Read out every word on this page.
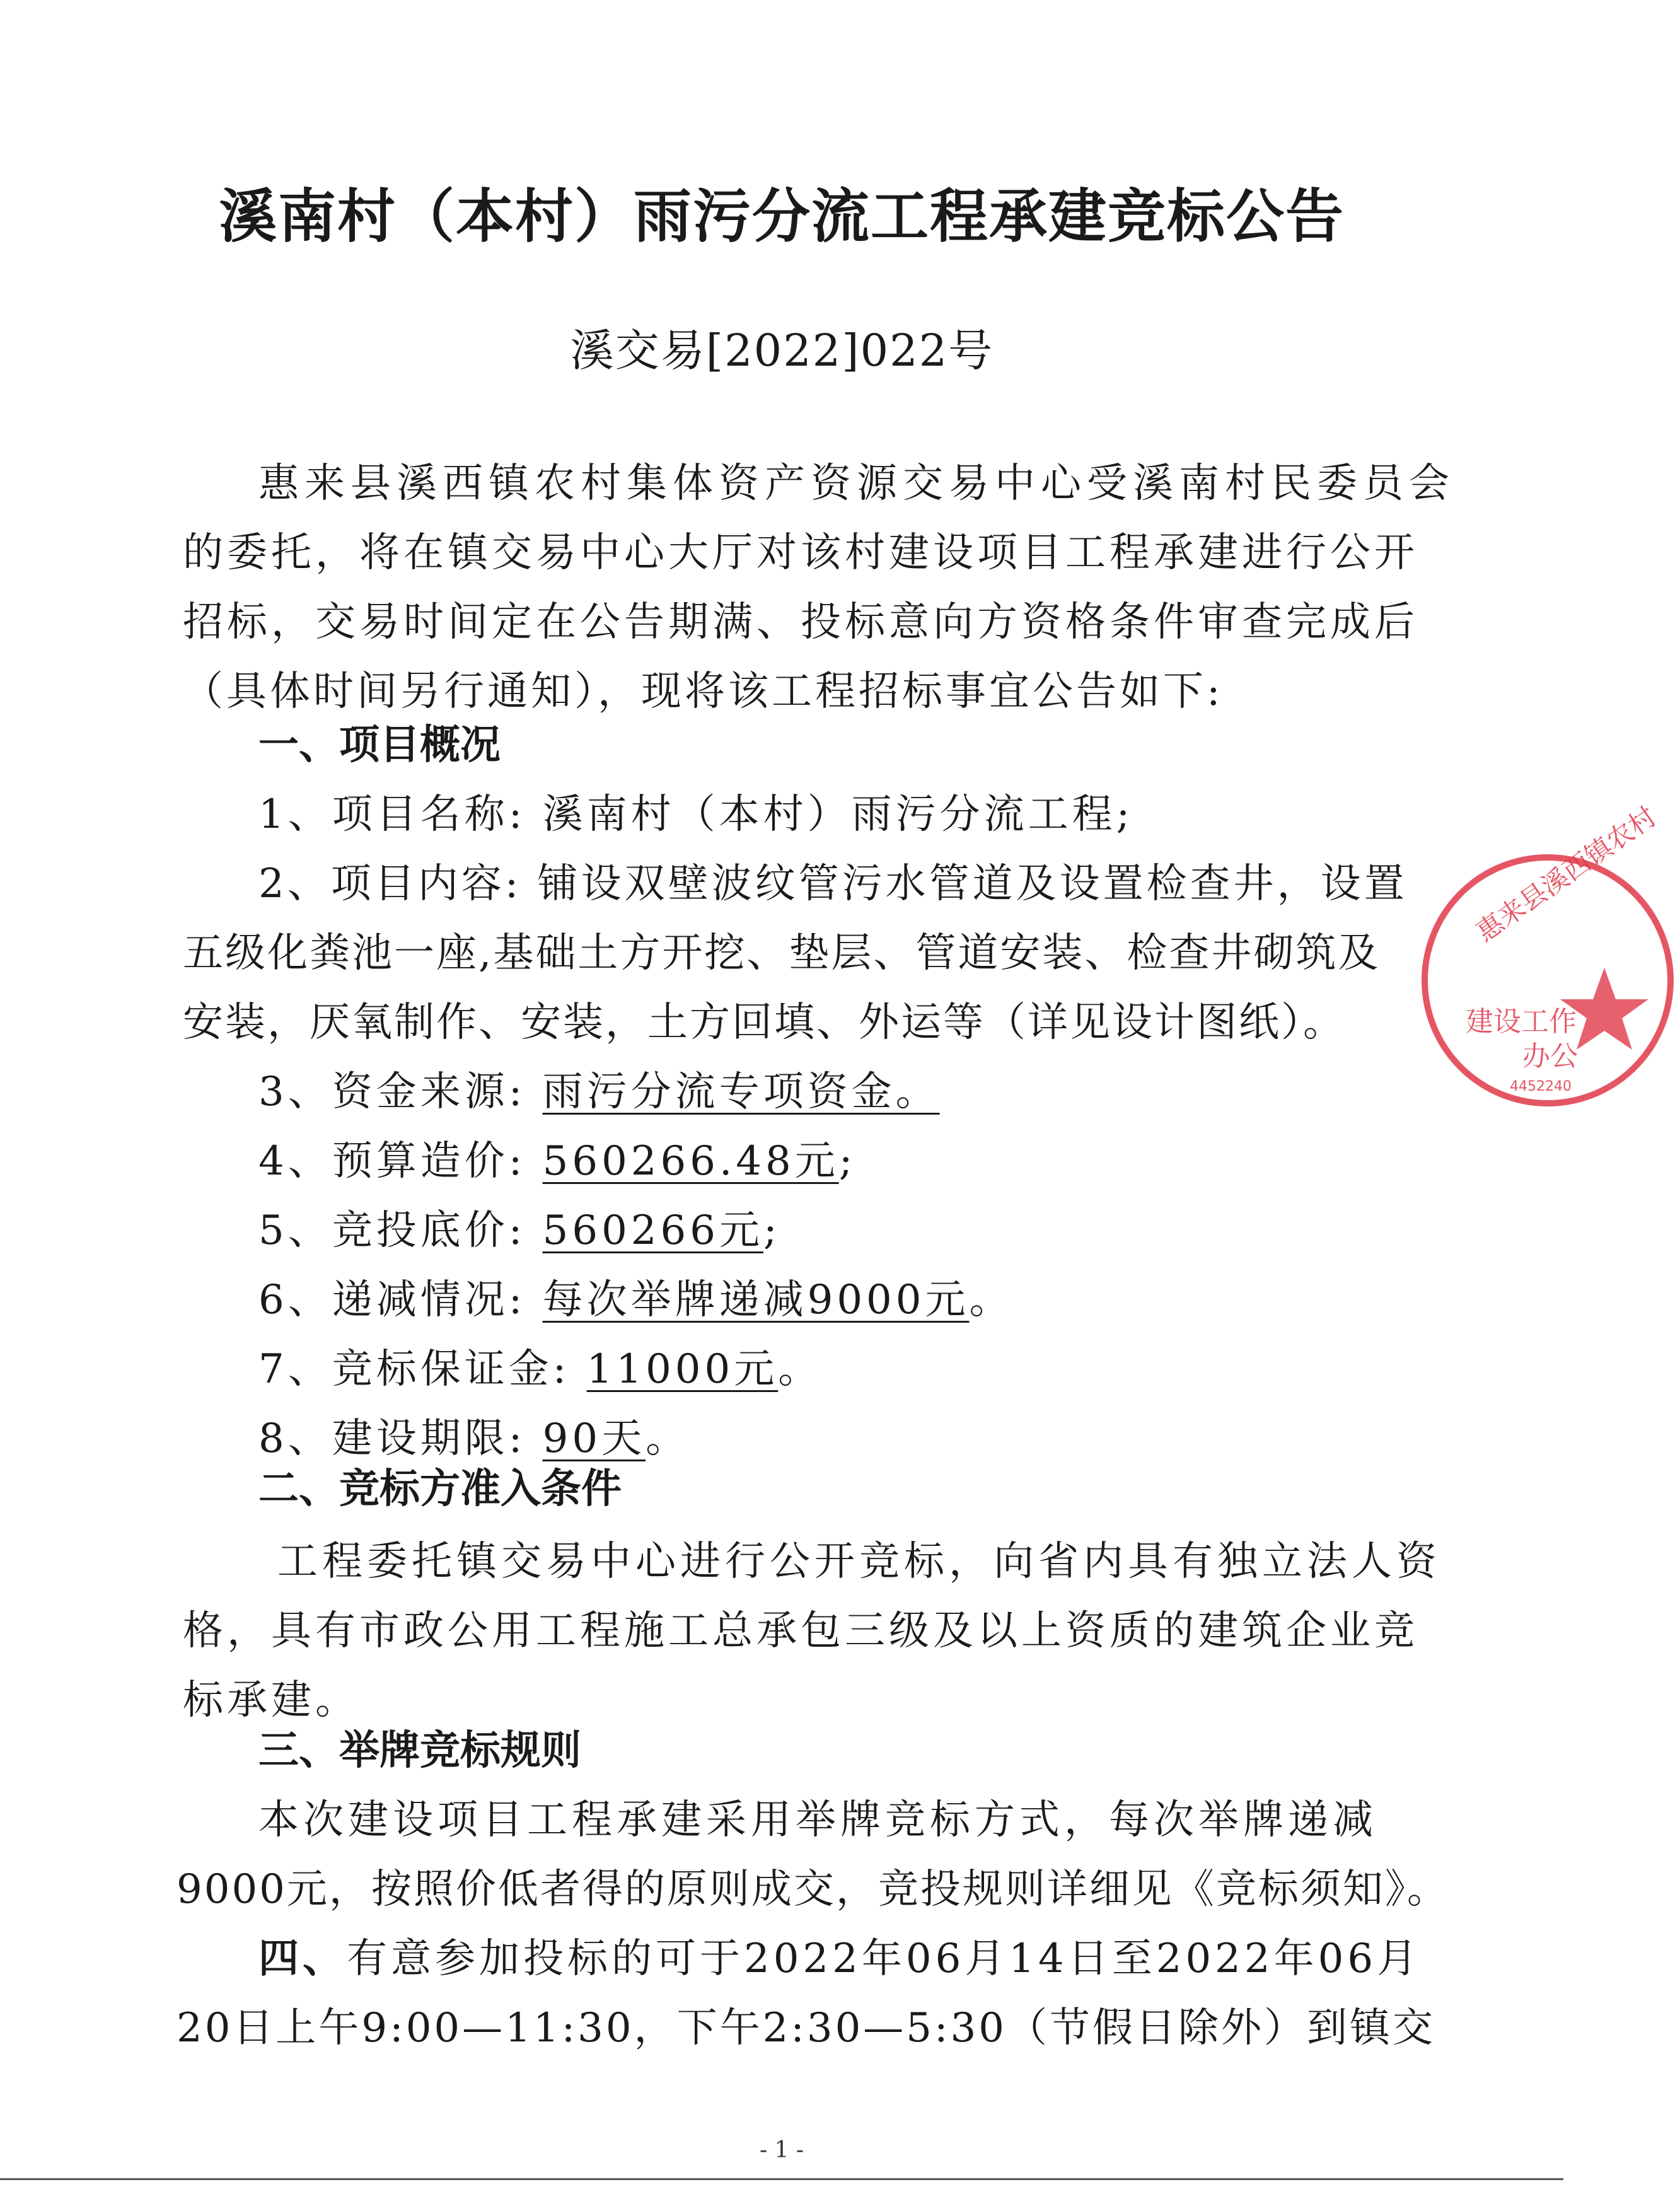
溪南村（本村）雨污分流工程承建竞标公告
溪交易[2022]022号
惠来县溪西镇农村集体资产资源交易中心受溪南村民委员会
的委托，将在镇交易中心大厅对该村建设项目工程承建进行公开
招标，交易时间定在公告期满、投标意向方资格条件审查完成后
（具体时间另行通知），现将该工程招标事宜公告如下:
一、项目概况
1、项目名称: 溪南村（本村）雨污分流工程;
2、项目内容: 铺设双壁波纹管污水管道及设置检查井，设置
五级化粪池一座,基础土方开挖、垫层、管道安装、检查井砌筑及
安装，厌氧制作、安装，土方回填、外运等（详见设计图纸）。
3、资金来源: 雨污分流专项资金。
4、预算造价: 560266.48元;
5、竞投底价: 560266元;
6、递减情况: 每次举牌递减9000元。
7、竞标保证金: 11000元。
8、建设期限: 90天。
二、竞标方准入条件
工程委托镇交易中心进行公开竞标，向省内具有独立法人资
格，具有市政公用工程施工总承包三级及以上资质的建筑企业竞
标承建。
三、举牌竞标规则
本次建设项目工程承建采用举牌竞标方式，每次举牌递减
9000元，按照价低者得的原则成交，竞投规则详细见《竞标须知》。
四、有意参加投标的可于2022年06月14日至2022年06月
20日上午9:00—11:30，下午2:30—5:30（节假日除外）到镇交
- 1 -
惠来县溪西镇农村
建设工作
办公
4452240
